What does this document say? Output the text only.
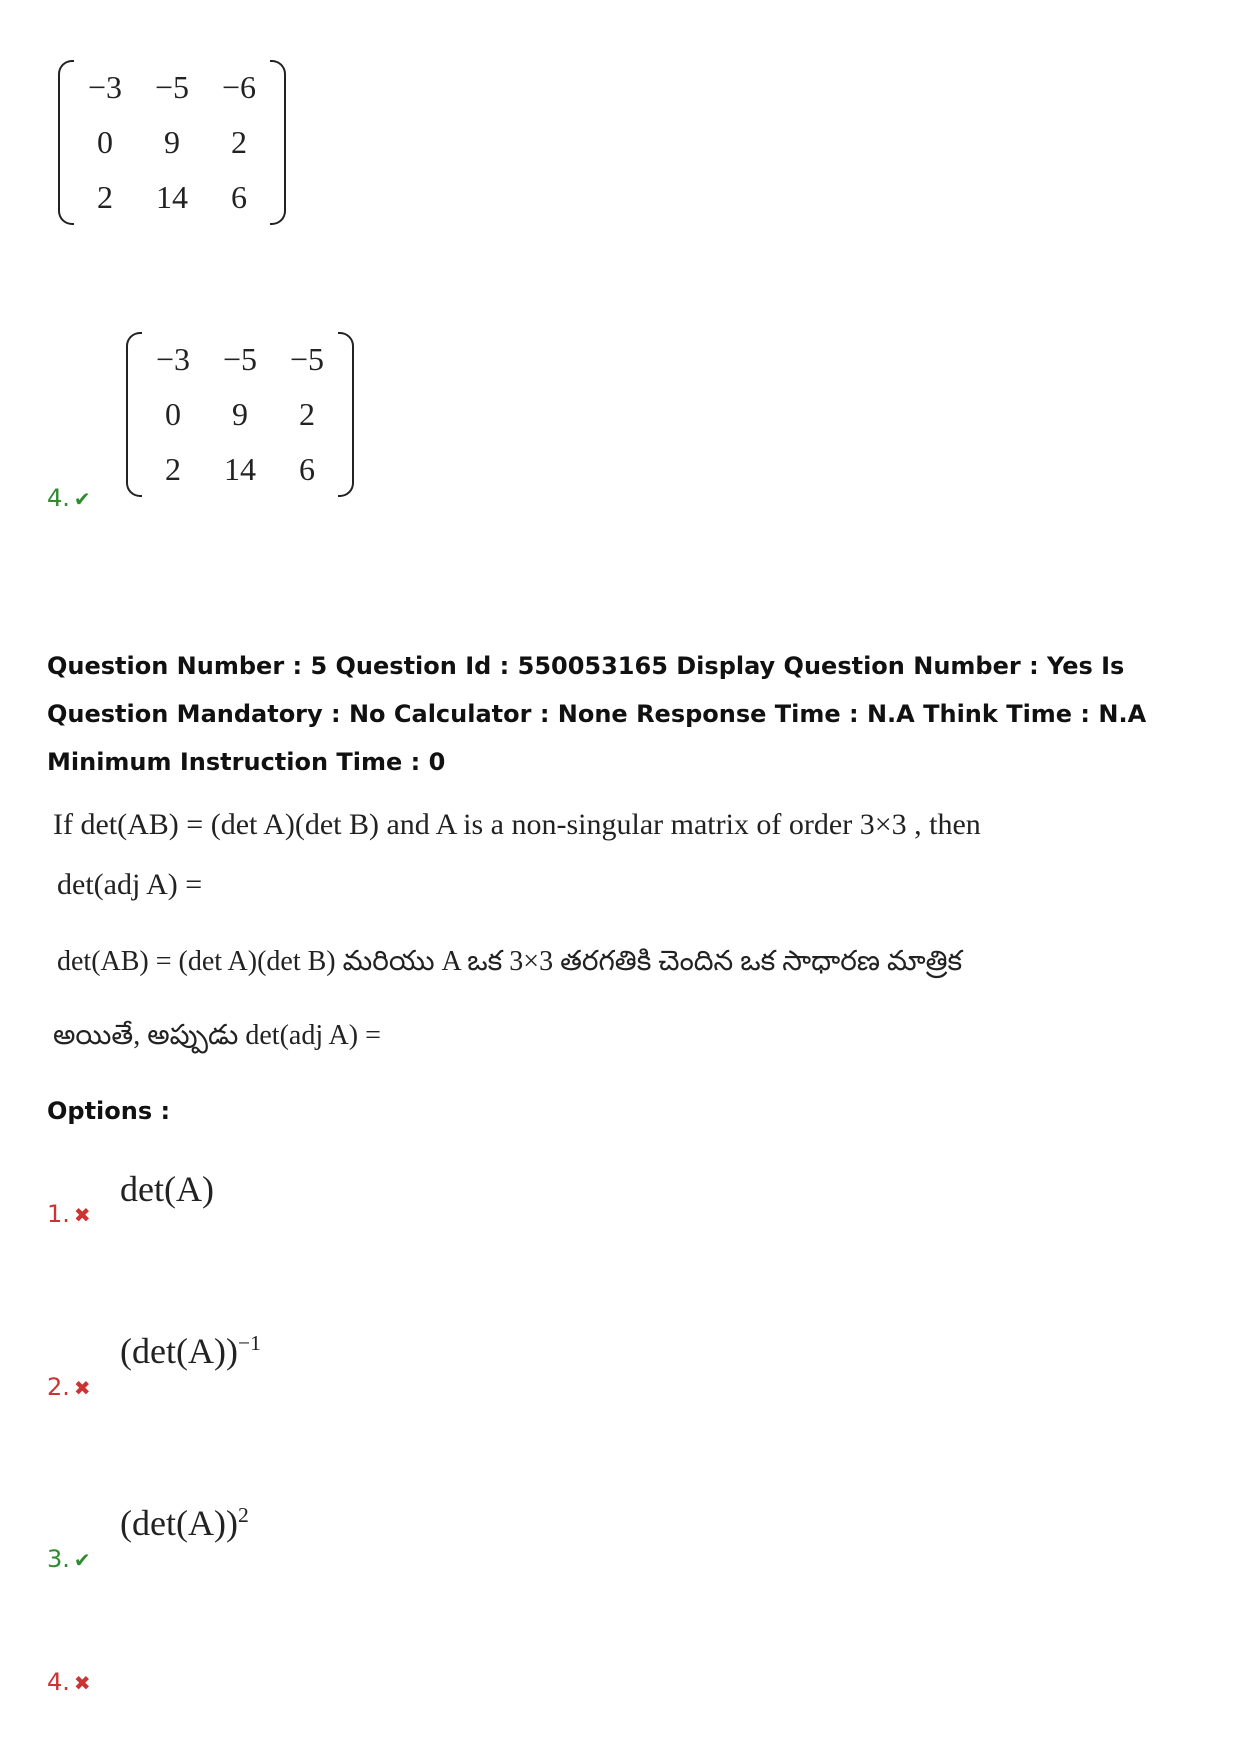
−3	−5	−6
0	9	2
2	14	6
4. ✔
−3	−5	−5
0	9	2
2	14	6
Question Number : 5 Question Id : 550053165 Display Question Number : Yes Is Question Mandatory : No Calculator : None Response Time : N.A Think Time : N.A Minimum Instruction Time : 0
If det(AB) = (det A)(det B) and A is a non-singular matrix of order 3×3 , then
det(adj A) =
det(AB) = (det A)(det B) మరియు A ఒక 3×3 తరగతికి చెందిన ఒక సాధారణ మాత్రిక
అయితే, అప్పుడు det(adj A) =
Options :
1. ✖
det(A)
2. ✖
$(\det(A))^{-1}$
3. ✔
$(\det(A))^2$
4. ✖
